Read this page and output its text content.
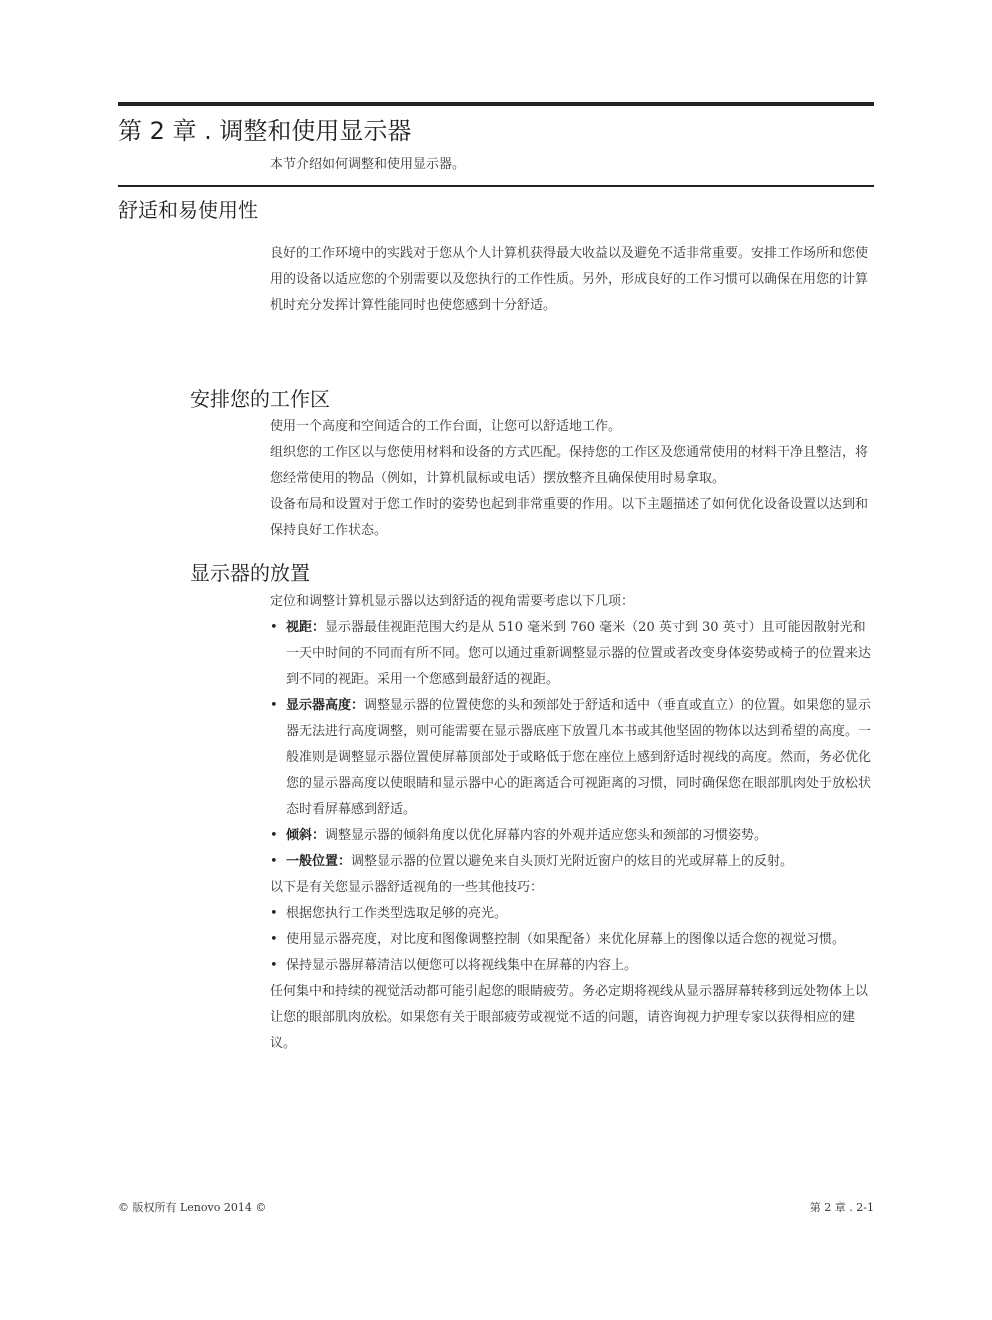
第 2 章 . 调整和使用显示器
本节介绍如何调整和使用显示器。
舒适和易使用性

良好的工作环境中的实践对于您从个人计算机获得最大收益以及避免不适非常重要。安排工作场所和您使用的设备以适应您的个别需要以及您执行的工作性质。另外，形成良好的工作习惯可以确保在用您的计算机时充分发挥计算性能同时也使您感到十分舒适。

安排您的工作区

使用一个高度和空间适合的工作台面，让您可以舒适地工作。

组织您的工作区以与您使用材料和设备的方式匹配。保持您的工作区及您通常使用的材料干净且整洁，将您经常使用的物品（例如，计算机鼠标或电话）摆放整齐且确保使用时易拿取。

设备布局和设置对于您工作时的姿势也起到非常重要的作用。以下主题描述了如何优化设备设置以达到和保持良好工作状态。

显示器的放置

定位和调整计算机显示器以达到舒适的视角需要考虑以下几项：

• 视距：显示器最佳视距范围大约是从 510 毫米到 760 毫米（20 英寸到 30 英寸）且可能因散射光和一天中时间的不同而有所不同。您可以通过重新调整显示器的位置或者改变身体姿势或椅子的位置来达到不同的视距。采用一个您感到最舒适的视距。
• 显示器高度：调整显示器的位置使您的头和颈部处于舒适和适中（垂直或直立）的位置。如果您的显示器无法进行高度调整，则可能需要在显示器底座下放置几本书或其他坚固的物体以达到希望的高度。一般准则是调整显示器位置使屏幕顶部处于或略低于您在座位上感到舒适时视线的高度。然而，务必优化您的显示器高度以使眼睛和显示器中心的距离适合可视距离的习惯，同时确保您在眼部肌肉处于放松状态时看屏幕感到舒适。
• 倾斜：调整显示器的倾斜角度以优化屏幕内容的外观并适应您头和颈部的习惯姿势。
• 一般位置：调整显示器的位置以避免来自头顶灯光附近窗户的炫目的光或屏幕上的反射。

以下是有关您显示器舒适视角的一些其他技巧：

• 根据您执行工作类型选取足够的亮光。
• 使用显示器亮度，对比度和图像调整控制（如果配备）来优化屏幕上的图像以适合您的视觉习惯。
• 保持显示器屏幕清洁以便您可以将视线集中在屏幕的内容上。

任何集中和持续的视觉活动都可能引起您的眼睛疲劳。务必定期将视线从显示器屏幕转移到远处物体上以让您的眼部肌肉放松。如果您有关于眼部疲劳或视觉不适的问题，请咨询视力护理专家以获得相应的建议。

© 版权所有 Lenovo 2014 ©	第 2 章 . 2-1
